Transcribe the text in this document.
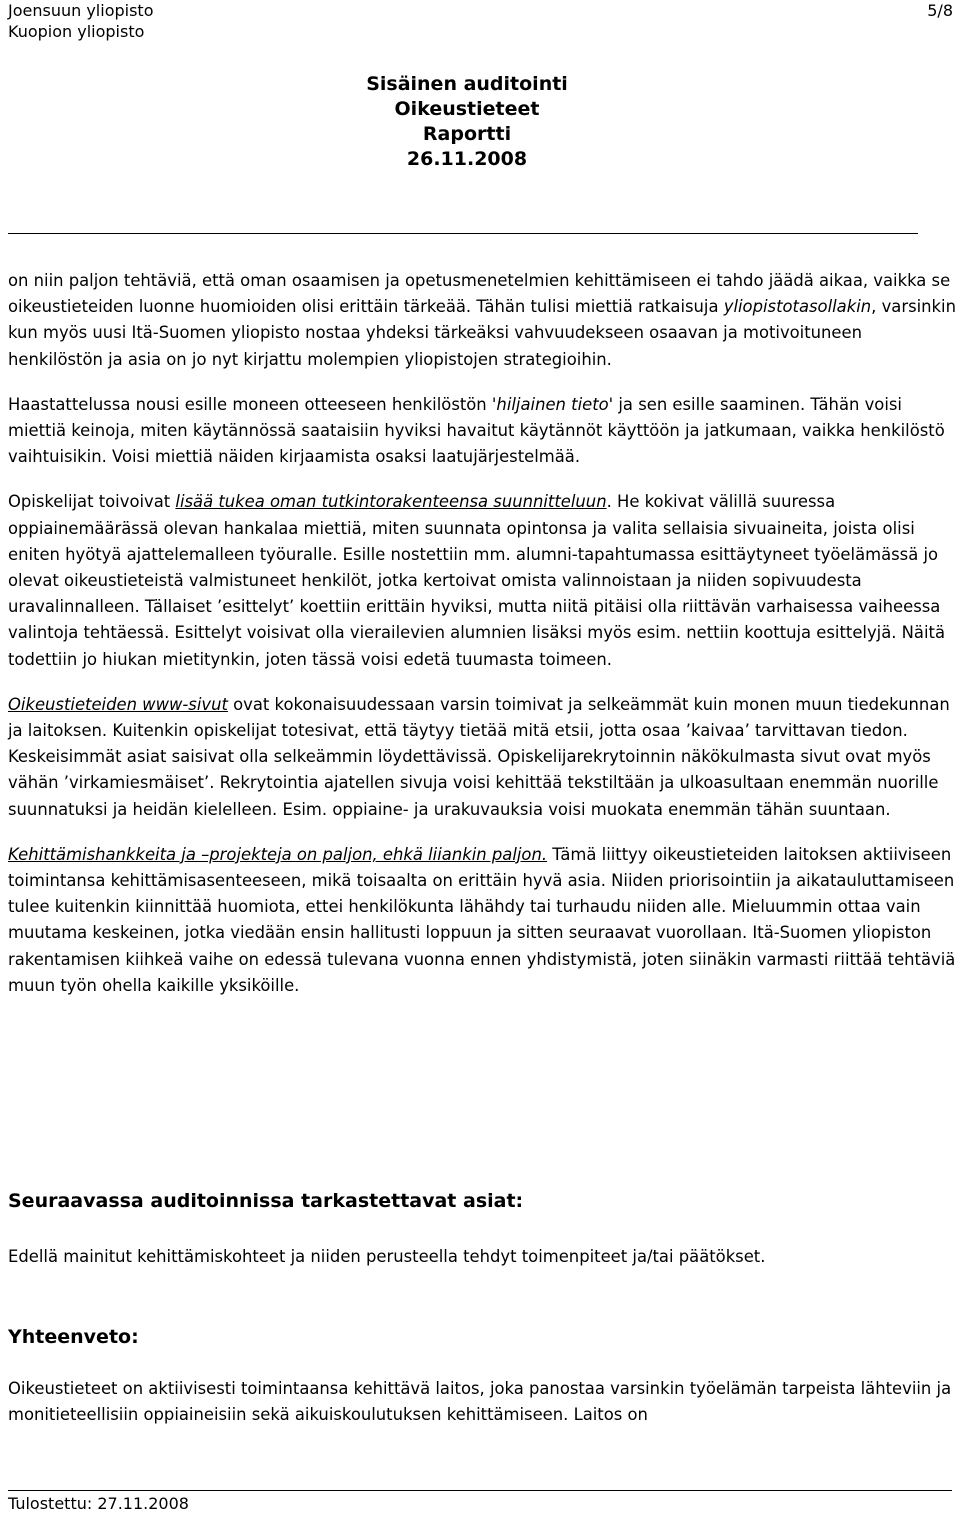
Joensuun yliopisto
Kuopion yliopisto
5/8
Sisäinen auditointi
Oikeustieteet
Raportti
26.11.2008

on niin paljon tehtäviä, että oman osaamisen ja opetusmenetelmien kehittämiseen ei tahdo jäädä aikaa, vaikka se oikeustieteiden luonne huomioiden olisi erittäin tärkeää. Tähän tulisi miettiä ratkaisuja yliopistotasollakin, varsinkin kun myös uusi Itä-Suomen yliopisto nostaa yhdeksi tärkeäksi vahvuudekseen osaavan ja motivoituneen henkilöstön ja asia on jo nyt kirjattu molempien yliopistojen strategioihin.

Haastattelussa nousi esille moneen otteeseen henkilöstön 'hiljainen tieto' ja sen esille saaminen. Tähän voisi miettiä keinoja, miten käytännössä saataisiin hyviksi havaitut käytännöt käyttöön ja jatkumaan, vaikka henkilöstö vaihtuisikin. Voisi miettiä näiden kirjaamista osaksi laatujärjestelmää.

Opiskelijat toivoivat lisää tukea oman tutkintorakenteensa suunnitteluun. He kokivat välillä suuressa oppiainemäärässä olevan hankalaa miettiä, miten suunnata opintonsa ja valita sellaisia sivuaineita, joista olisi eniten hyötyä ajattelemalleen työuralle. Esille nostettiin mm. alumni-tapahtumassa esittäytyneet työelämässä jo olevat oikeustieteistä valmistuneet henkilöt, jotka kertoivat omista valinnoistaan ja niiden sopivuudesta uravalinnalleen. Tällaiset ’esittelyt’ koettiin erittäin hyviksi, mutta niitä pitäisi olla riittävän varhaisessa vaiheessa valintoja tehtäessä. Esittelyt voisivat olla vierailevien alumnien lisäksi myös esim. nettiin koottuja esittelyjä. Näitä todettiin jo hiukan mietitynkin, joten tässä voisi edetä tuumasta toimeen.

Oikeustieteiden www-sivut ovat kokonaisuudessaan varsin toimivat ja selkeämmät kuin monen muun tiedekunnan ja laitoksen. Kuitenkin opiskelijat totesivat, että täytyy tietää mitä etsii, jotta osaa ’kaivaa’ tarvittavan tiedon. Keskeisimmät asiat saisivat olla selkeämmin löydettävissä. Opiskelijarekrytoinnin näkökulmasta sivut ovat myös vähän ’virkamiesmäiset’. Rekrytointia ajatellen sivuja voisi kehittää tekstiltään ja ulkoasultaan enemmän nuorille suunnatuksi ja heidän kielelleen. Esim. oppiaine- ja urakuvauksia voisi muokata enemmän tähän suuntaan.

Kehittämishankkeita ja –projekteja on paljon, ehkä liiankin paljon. Tämä liittyy oikeustieteiden laitoksen aktiiviseen toimintansa kehittämisasenteeseen, mikä toisaalta on erittäin hyvä asia. Niiden priorisointiin ja aikatauluttamiseen tulee kuitenkin kiinnittää huomiota, ettei henkilökunta lähähdy tai turhaudu niiden alle. Mieluummin ottaa vain muutama keskeinen, jotka viedään ensin hallitusti loppuun ja sitten seuraavat vuorollaan. Itä-Suomen yliopiston rakentamisen kiihkeä vaihe on edessä tulevana vuonna ennen yhdistymistä, joten siinäkin varmasti riittää tehtäviä muun työn ohella kaikille yksiköille.

Seuraavassa auditoinnissa tarkastettavat asiat:

Edellä mainitut kehittämiskohteet ja niiden perusteella tehdyt toimenpiteet ja/tai päätökset.

Yhteenveto:

Oikeustieteet on aktiivisesti toimintaansa kehittävä laitos, joka panostaa varsinkin työelämän tarpeista lähteviin ja monitieteellisiin oppiaineisiin sekä aikuiskoulutuksen kehittämiseen. Laitos on

Tulostettu: 27.11.2008
